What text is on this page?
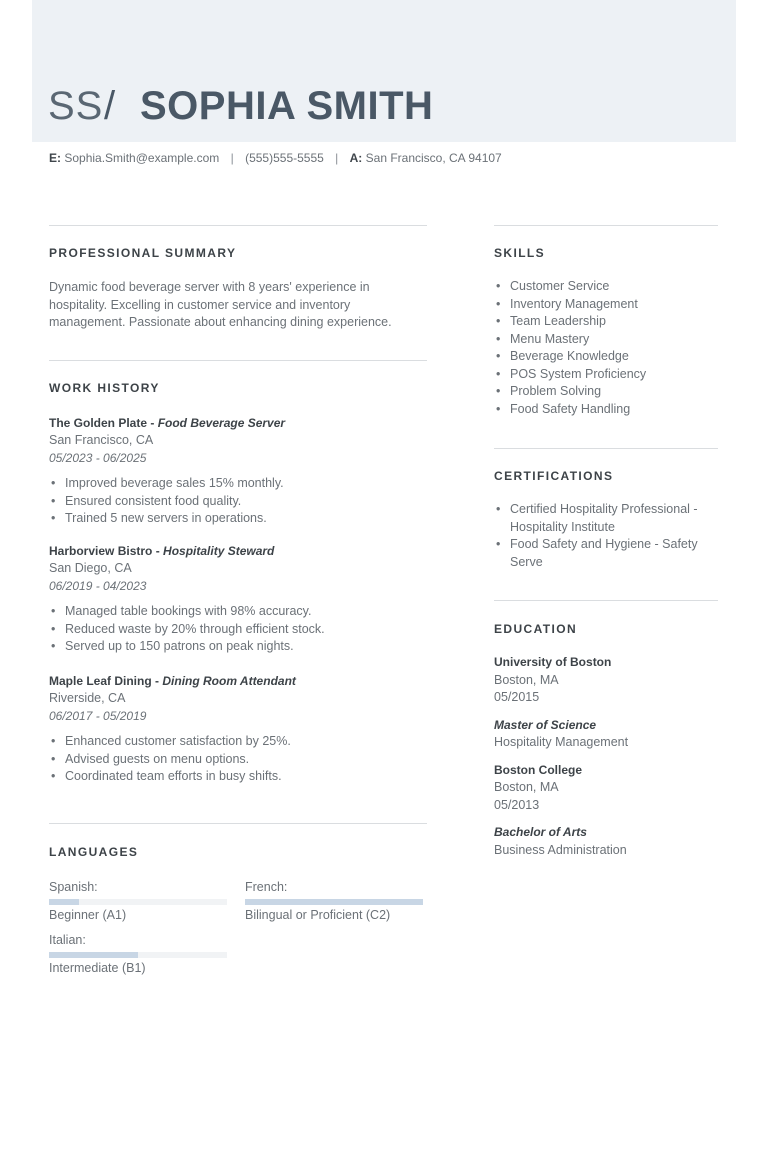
SS / SOPHIA SMITH
E: Sophia.Smith@example.com | (555)555-5555 | A: San Francisco, CA 94107
PROFESSIONAL SUMMARY
Dynamic food beverage server with 8 years' experience in hospitality. Excelling in customer service and inventory management. Passionate about enhancing dining experience.
WORK HISTORY
The Golden Plate - Food Beverage Server
San Francisco, CA
05/2023 - 06/2025
• Improved beverage sales 15% monthly.
• Ensured consistent food quality.
• Trained 5 new servers in operations.
Harborview Bistro - Hospitality Steward
San Diego, CA
06/2019 - 04/2023
• Managed table bookings with 98% accuracy.
• Reduced waste by 20% through efficient stock.
• Served up to 150 patrons on peak nights.
Maple Leaf Dining - Dining Room Attendant
Riverside, CA
06/2017 - 05/2019
• Enhanced customer satisfaction by 25%.
• Advised guests on menu options.
• Coordinated team efforts in busy shifts.
LANGUAGES
Spanish:
Beginner (A1)
French:
Bilingual or Proficient (C2)
Italian:
Intermediate (B1)
SKILLS
• Customer Service
• Inventory Management
• Team Leadership
• Menu Mastery
• Beverage Knowledge
• POS System Proficiency
• Problem Solving
• Food Safety Handling
CERTIFICATIONS
• Certified Hospitality Professional - Hospitality Institute
• Food Safety and Hygiene - Safety Serve
EDUCATION
University of Boston
Boston, MA
05/2015
Master of Science
Hospitality Management
Boston College
Boston, MA
05/2013
Bachelor of Arts
Business Administration
